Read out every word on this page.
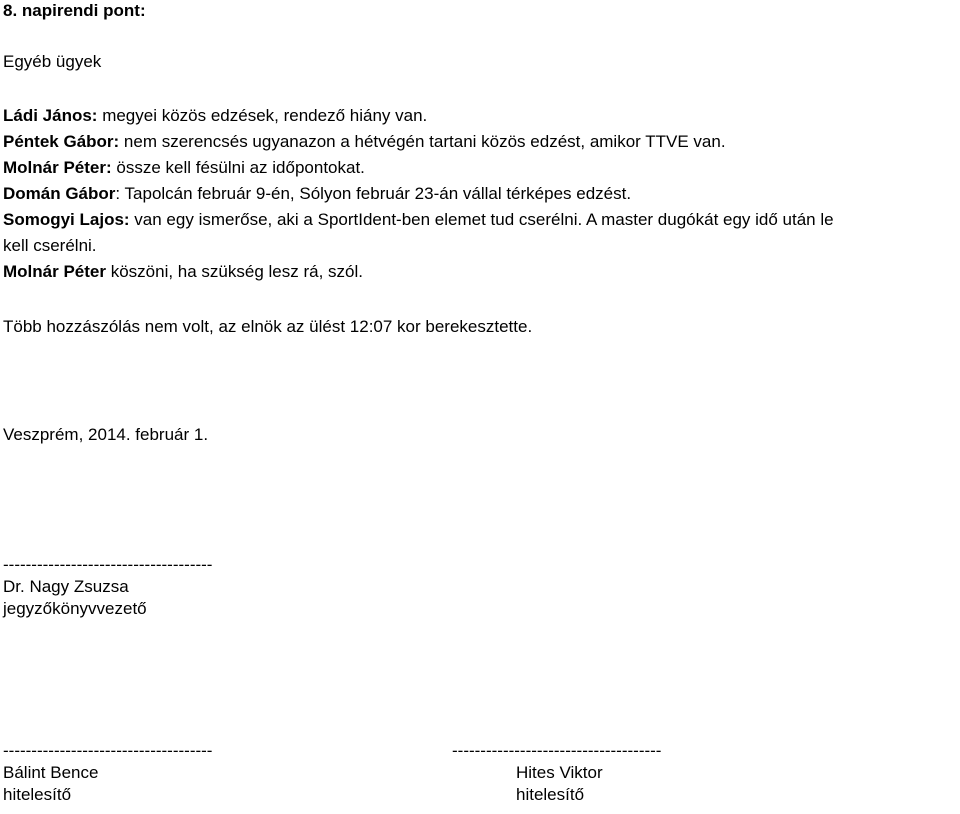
8. napirendi pont:
Egyéb ügyek
Ládi János: megyei közös edzések, rendező hiány van.
Péntek Gábor: nem szerencsés ugyanazon a hétvégén tartani közös edzést, amikor TTVE van.
Molnár Péter: össze kell fésülni az időpontokat.
Domán Gábor: Tapolcán február 9-én, Sólyon február 23-án vállal térképes edzést.
Somogyi Lajos: van egy ismerőse, aki a SportIdent-ben elemet tud cserélni. A master dugókát egy idő után le
kell cserélni.
Molnár Péter köszöni, ha szükség lesz rá, szól.
Több hozzászólás nem volt, az elnök az ülést 12:07 kor berekesztette.
Veszprém, 2014. február 1.
-------------------------------------
Dr. Nagy Zsuzsa
jegyzőkönyvvezető
-------------------------------------
Bálint Bence
hitelesítő
-------------------------------------
Hites Viktor
hitelesítő
